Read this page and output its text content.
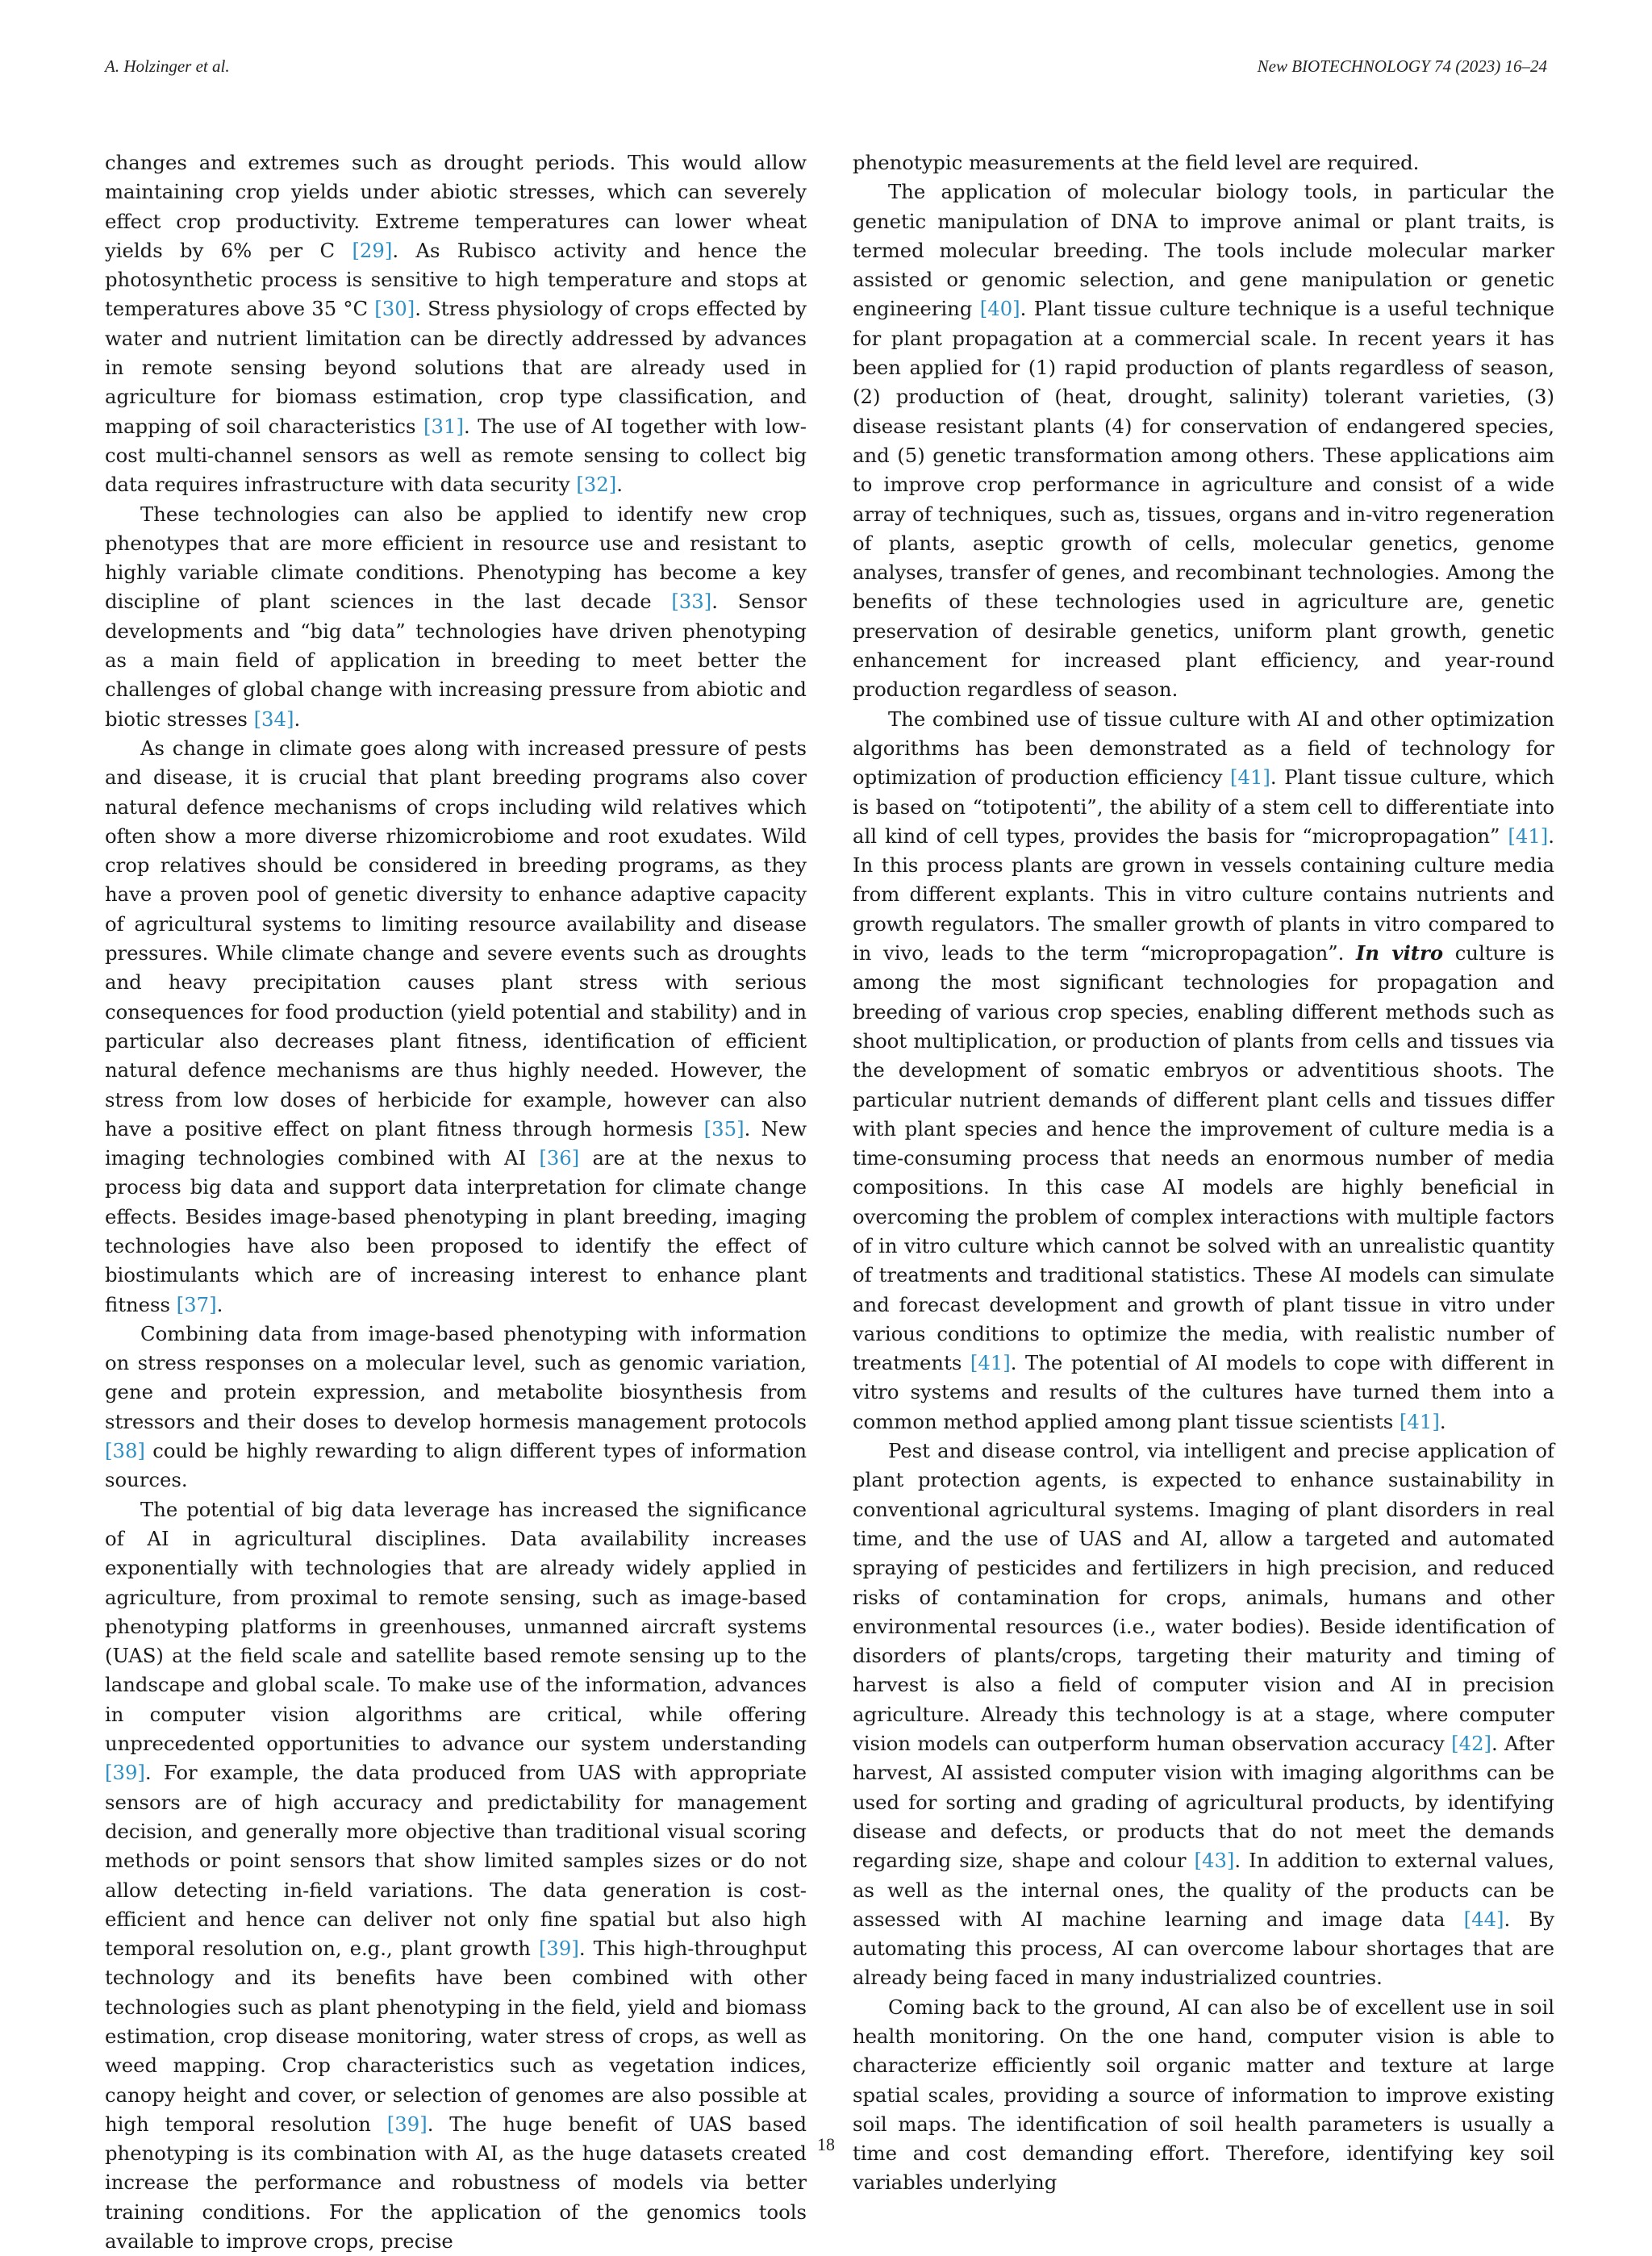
A. Holzinger et al.	New BIOTECHNOLOGY 74 (2023) 16–24

changes and extremes such as drought periods. This would allow maintaining crop yields under abiotic stresses, which can severely effect crop productivity. Extreme temperatures can lower wheat yields by 6% per C [29]. As Rubisco activity and hence the photosynthetic process is sensitive to high temperature and stops at temperatures above 35 °C [30]. Stress physiology of crops effected by water and nutrient limitation can be directly addressed by advances in remote sensing beyond solutions that are already used in agriculture for biomass estimation, crop type classification, and mapping of soil characteristics [31]. The use of AI together with low-cost multi-channel sensors as well as remote sensing to collect big data requires infrastructure with data security [32].

These technologies can also be applied to identify new crop phenotypes that are more efficient in resource use and resistant to highly variable climate conditions. Phenotyping has become a key discipline of plant sciences in the last decade [33]. Sensor developments and “big data” technologies have driven phenotyping as a main field of application in breeding to meet better the challenges of global change with increasing pressure from abiotic and biotic stresses [34].

As change in climate goes along with increased pressure of pests and disease, it is crucial that plant breeding programs also cover natural defence mechanisms of crops including wild relatives which often show a more diverse rhizomicrobiome and root exudates. Wild crop relatives should be considered in breeding programs, as they have a proven pool of genetic diversity to enhance adaptive capacity of agricultural systems to limiting resource availability and disease pressures. While climate change and severe events such as droughts and heavy precipitation causes plant stress with serious consequences for food production (yield potential and stability) and in particular also decreases plant fitness, identification of efficient natural defence mechanisms are thus highly needed. However, the stress from low doses of herbicide for example, however can also have a positive effect on plant fitness through hormesis [35]. New imaging technologies combined with AI [36] are at the nexus to process big data and support data interpretation for climate change effects. Besides image-based phenotyping in plant breeding, imaging technologies have also been proposed to identify the effect of biostimulants which are of increasing interest to enhance plant fitness [37].

Combining data from image-based phenotyping with information on stress responses on a molecular level, such as genomic variation, gene and protein expression, and metabolite biosynthesis from stressors and their doses to develop hormesis management protocols [38] could be highly rewarding to align different types of information sources.

The potential of big data leverage has increased the significance of AI in agricultural disciplines. Data availability increases exponentially with technologies that are already widely applied in agriculture, from proximal to remote sensing, such as image-based phenotyping platforms in greenhouses, unmanned aircraft systems (UAS) at the field scale and satellite based remote sensing up to the landscape and global scale. To make use of the information, advances in computer vision algorithms are critical, while offering unprecedented opportunities to advance our system understanding [39]. For example, the data produced from UAS with appropriate sensors are of high accuracy and predictability for management decision, and generally more objective than traditional visual scoring methods or point sensors that show limited samples sizes or do not allow detecting in-field variations. The data generation is cost-efficient and hence can deliver not only fine spatial but also high temporal resolution on, e.g., plant growth [39]. This high-throughput technology and its benefits have been combined with other technologies such as plant phenotyping in the field, yield and biomass estimation, crop disease monitoring, water stress of crops, as well as weed mapping. Crop characteristics such as vegetation indices, canopy height and cover, or selection of genomes are also possible at high temporal resolution [39]. The huge benefit of UAS based phenotyping is its combination with AI, as the huge datasets created increase the performance and robustness of models via better training conditions. For the application of the genomics tools available to improve crops, precise

phenotypic measurements at the field level are required.

The application of molecular biology tools, in particular the genetic manipulation of DNA to improve animal or plant traits, is termed molecular breeding. The tools include molecular marker assisted or genomic selection, and gene manipulation or genetic engineering [40]. Plant tissue culture technique is a useful technique for plant propagation at a commercial scale. In recent years it has been applied for (1) rapid production of plants regardless of season, (2) production of (heat, drought, salinity) tolerant varieties, (3) disease resistant plants (4) for conservation of endangered species, and (5) genetic transformation among others. These applications aim to improve crop performance in agriculture and consist of a wide array of techniques, such as, tissues, organs and in-vitro regeneration of plants, aseptic growth of cells, molecular genetics, genome analyses, transfer of genes, and recombinant technologies. Among the benefits of these technologies used in agriculture are, genetic preservation of desirable genetics, uniform plant growth, genetic enhancement for increased plant efficiency, and year-round production regardless of season.

The combined use of tissue culture with AI and other optimization algorithms has been demonstrated as a field of technology for optimization of production efficiency [41]. Plant tissue culture, which is based on “totipotenti”, the ability of a stem cell to differentiate into all kind of cell types, provides the basis for “micropropagation” [41]. In this process plants are grown in vessels containing culture media from different explants. This in vitro culture contains nutrients and growth regulators. The smaller growth of plants in vitro compared to in vivo, leads to the term “micropropagation”. In vitro culture is among the most significant technologies for propagation and breeding of various crop species, enabling different methods such as shoot multiplication, or production of plants from cells and tissues via the development of somatic embryos or adventitious shoots. The particular nutrient demands of different plant cells and tissues differ with plant species and hence the improvement of culture media is a time-consuming process that needs an enormous number of media compositions. In this case AI models are highly beneficial in overcoming the problem of complex interactions with multiple factors of in vitro culture which cannot be solved with an unrealistic quantity of treatments and traditional statistics. These AI models can simulate and forecast development and growth of plant tissue in vitro under various conditions to optimize the media, with realistic number of treatments [41]. The potential of AI models to cope with different in vitro systems and results of the cultures have turned them into a common method applied among plant tissue scientists [41].

Pest and disease control, via intelligent and precise application of plant protection agents, is expected to enhance sustainability in conventional agricultural systems. Imaging of plant disorders in real time, and the use of UAS and AI, allow a targeted and automated spraying of pesticides and fertilizers in high precision, and reduced risks of contamination for crops, animals, humans and other environmental resources (i.e., water bodies). Beside identification of disorders of plants/crops, targeting their maturity and timing of harvest is also a field of computer vision and AI in precision agriculture. Already this technology is at a stage, where computer vision models can outperform human observation accuracy [42]. After harvest, AI assisted computer vision with imaging algorithms can be used for sorting and grading of agricultural products, by identifying disease and defects, or products that do not meet the demands regarding size, shape and colour [43]. In addition to external values, as well as the internal ones, the quality of the products can be assessed with AI machine learning and image data [44]. By automating this process, AI can overcome labour shortages that are already being faced in many industrialized countries.

Coming back to the ground, AI can also be of excellent use in soil health monitoring. On the one hand, computer vision is able to characterize efficiently soil organic matter and texture at large spatial scales, providing a source of information to improve existing soil maps. The identification of soil health parameters is usually a time and cost demanding effort. Therefore, identifying key soil variables underlying

18
